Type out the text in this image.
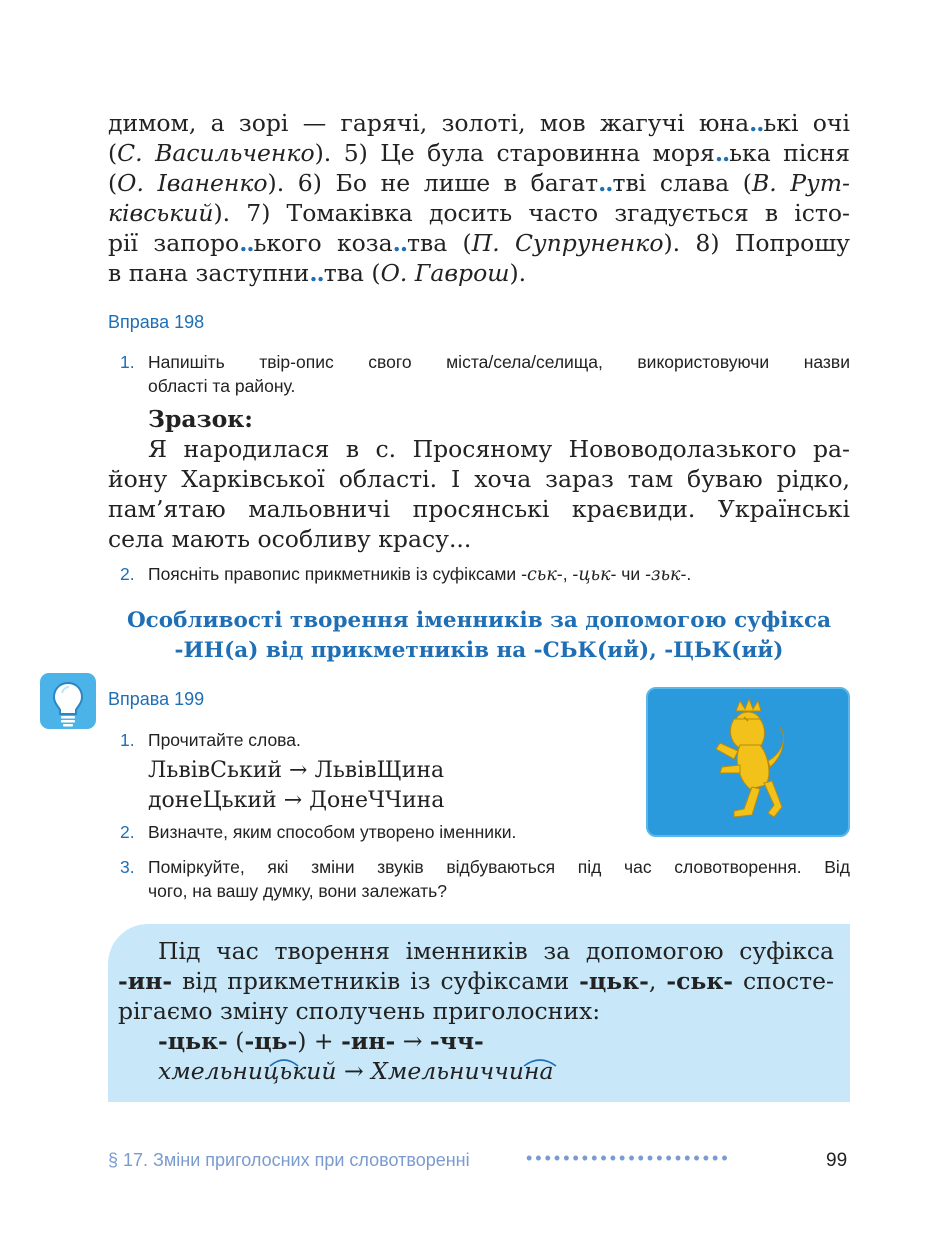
димом, а зорі — гарячі, золоті, мов жагучі юна..ькі очі
(С. Васильченко). 5) Це була старовинна моря..ька пісня
(О. Іваненко). 6) Бо не лише в багат..тві слава (В. Рут-
ківський). 7) Томаківка досить часто згадується в істо-
рії запоро..ького коза..тва (П. Супруненко). 8) Попрошу
в пана заступни..тва (О. Гаврош).
Вправа 198
1. Напишіть твір-опис свого міста/села/селища, використовуючи назви
області та району.
Зразок:
Я народилася в с. Просяному Нововодолазького ра-
йону Харківської області. І хоча зараз там буваю рідко,
пам’ятаю мальовничі просянські краєвиди. Українські
села мають особливу красу...
2. Поясніть правопис прикметників із суфіксами -ськ-, -цьк- чи -зьк-.
Особливості творення іменників за допомогою суфікса
-ИН(а) від прикметників на -СЬК(ий), -ЦЬК(ий)
Вправа 199
1. Прочитайте слова.
ЛьвівСький → ЛьвівЩина
донеЦький → ДонеЧЧина
2. Визначте, яким способом утворено іменники.
3. Поміркуйте, які зміни звуків відбуваються під час словотворення. Від
чого, на вашу думку, вони залежать?
Під час творення іменників за допомогою суфікса
-ин- від прикметників із суфіксами -цьк-, -ськ- спосте-
рігаємо зміну сполучень приголосних:
-цьк- (-ць-) + -ин- → -чч-
хмельницький → Хмельниччина
§ 17. Зміни приголосних при словотворенні	••••••••••••••••••••••	99
